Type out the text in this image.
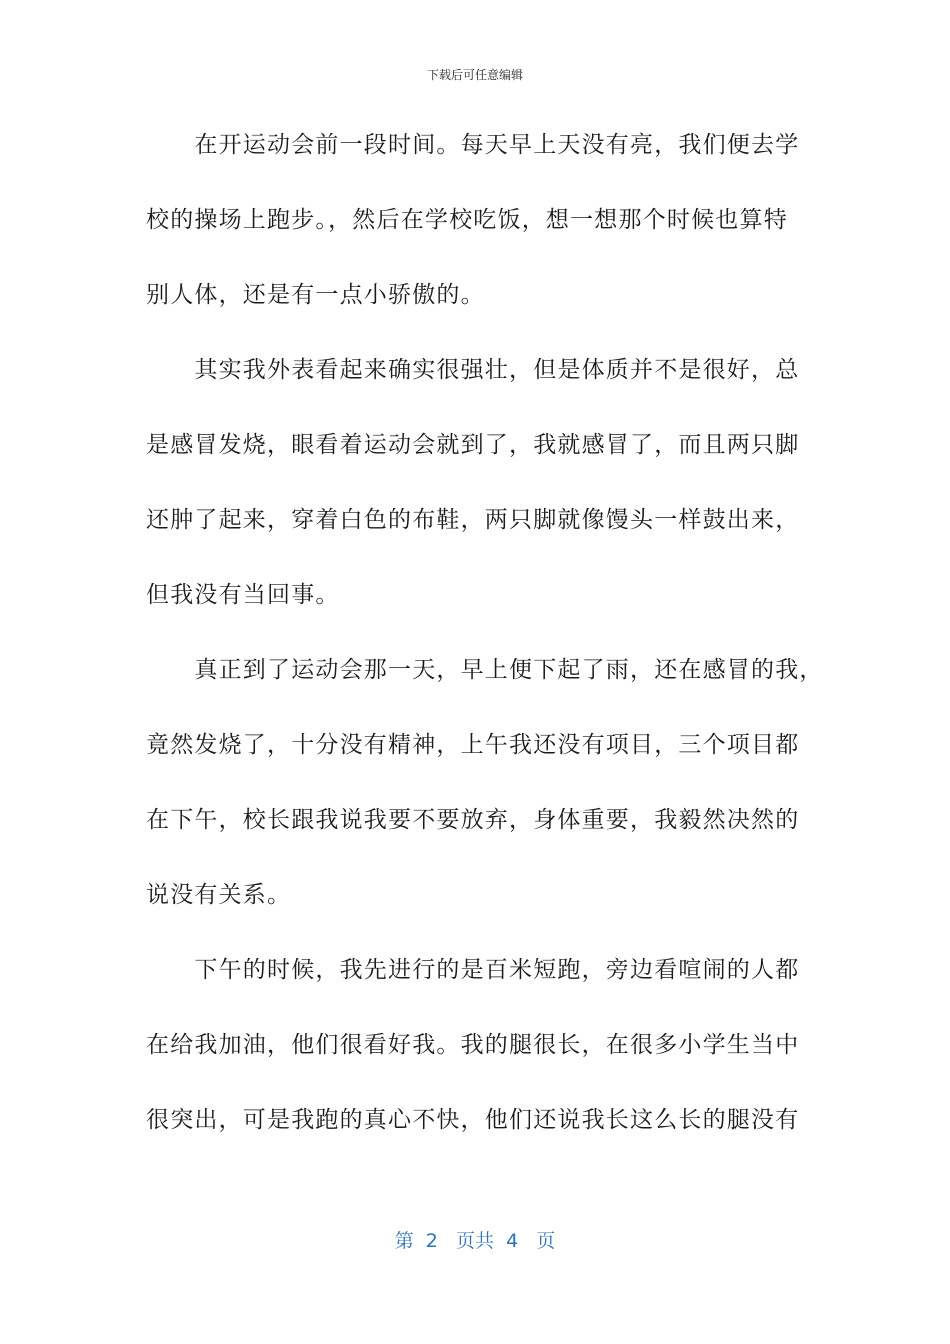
下载后可任意编辑
　　在开运动会前一段时间。每天早上天没有亮，我们便去学
校的操场上跑步。，然后在学校吃饭，想一想那个时候也算特
别人体，还是有一点小骄傲的。
　　其实我外表看起来确实很强壮，但是体质并不是很好，总
是感冒发烧，眼看着运动会就到了，我就感冒了，而且两只脚
还肿了起来，穿着白色的布鞋，两只脚就像馒头一样鼓出来，
但我没有当回事。
　　真正到了运动会那一天，早上便下起了雨，还在感冒的我，
竟然发烧了，十分没有精神，上午我还没有项目，三个项目都
在下午，校长跟我说我要不要放弃，身体重要，我毅然决然的
说没有关系。
　　下午的时候，我先进行的是百米短跑，旁边看喧闹的人都
在给我加油，他们很看好我。我的腿很长，在很多小学生当中
很突出，可是我跑的真心不快，他们还说我长这么长的腿没有
第  2   页共  4   页
